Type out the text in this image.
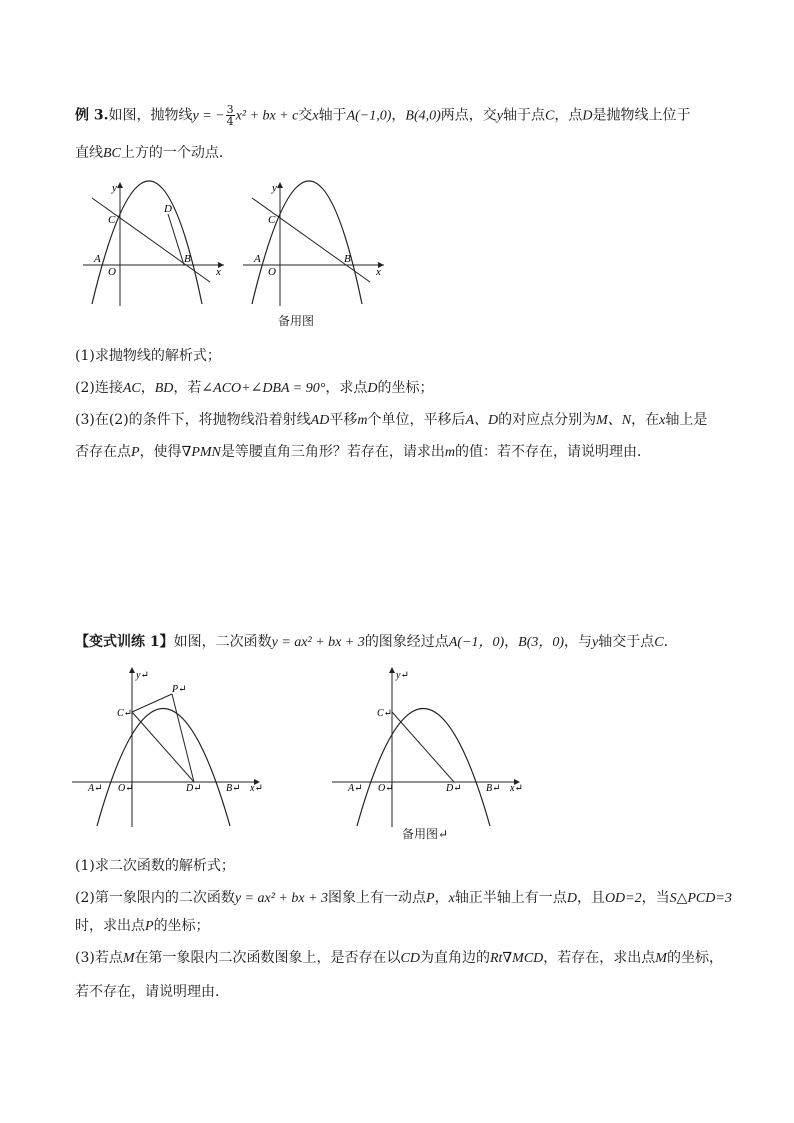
例 3.如图，抛物线y = − $\frac{3}{4} x^2$ + bx + c交x轴于A(−1,0)，B(4,0)两点，交y轴于点C，点D是抛物线上位于
直线BC上方的一个动点．
y
C
D
A
O
B
x
y
C
A
O
B
x
备用图
(1)求抛物线的解析式；
(2)连接AC，BD，若∠ACO+∠DBA = 90°，求点D的坐标；
(3)在(2)的条件下，将抛物线沿着射线AD平移m个单位，平移后A、D的对应点分别为M、N，在x轴上是
否存在点P，使得∇PMN是等腰直角三角形？若存在，请求出m的值：若不存在，请说明理由．
【变式训练 1】如图，二次函数y = ax² + bx + 3的图象经过点A(−1，0)，B(3，0)，与y轴交于点C．
y↵
C↵
P↵
A↵ O↵	D↵ B↵ x↵
y↵
C↵
A↵ O↵	D↵ B↵ x↵
备用图↵
(1)求二次函数的解析式；
(2)第一象限内的二次函数y = ax² + bx + 3图象上有一动点P，x轴正半轴上有一点D，且OD=2，当S△PCD=3
时，求出点P的坐标；
(3)若点M在第一象限内二次函数图象上，是否存在以CD为直角边的Rt∇MCD，若存在，求出点M的坐标，
若不存在，请说明理由．
